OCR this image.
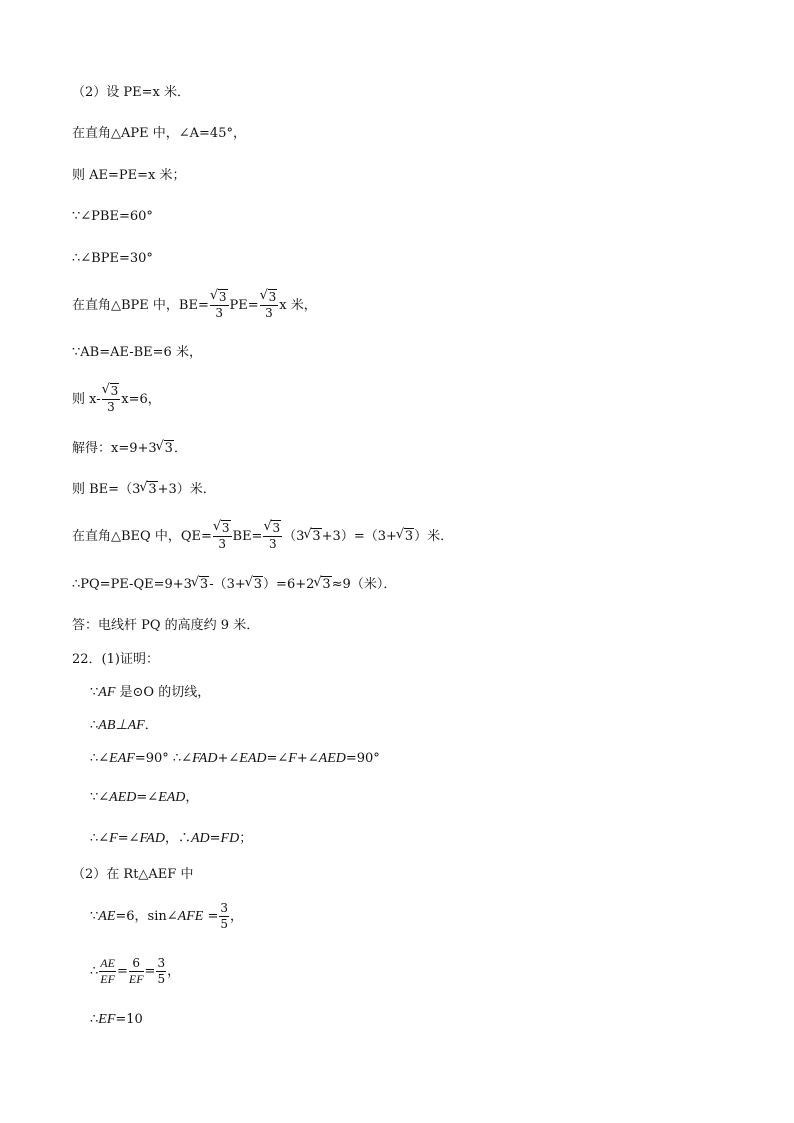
（2）设 PE=x 米．
在直角△APE 中，∠A=45°，
则 AE=PE=x 米；
∵∠PBE=60°
∴∠BPE=30°
在直角△BPE 中，BE= √ $\frac{3}{3} PE=$ √ $\frac{3}{3}$ x 米，
∵AB=AE-BE=6 米，
则 x- √ $\frac{3}{3} x=6$，
解得：x=9+3 √ 3．
则 BE=（3 √ 3+3）米．
在直角△BEQ 中，QE= √ $\frac{3}{3} BE=$ √ $\frac{3}{3} (3$ √ 3+3）=（3+ √ 3）米．
∴PQ=PE-QE=9+3 √ 3-（3+ √ 3）=6+2 √ 3≈9（米）．
答：电线杆 PQ 的高度约 9 米．
22．(1)证明：
∵AF 是⊙O 的切线，
∴AB⊥AF．
∴∠EAF=90° ∴∠FAD+∠EAD=∠F+∠AED=90°
∵∠AED=∠EAD，
∴∠F=∠FAD，∴AD=FD；
（2）在 Rt△AEF 中
∵AE=6，sin∠AFE = $\frac{3}{5}$ ，
∴ $\frac{AE}{EF} = \frac{6}{EF} = \frac{3}{5}$ ，
∴EF=10
